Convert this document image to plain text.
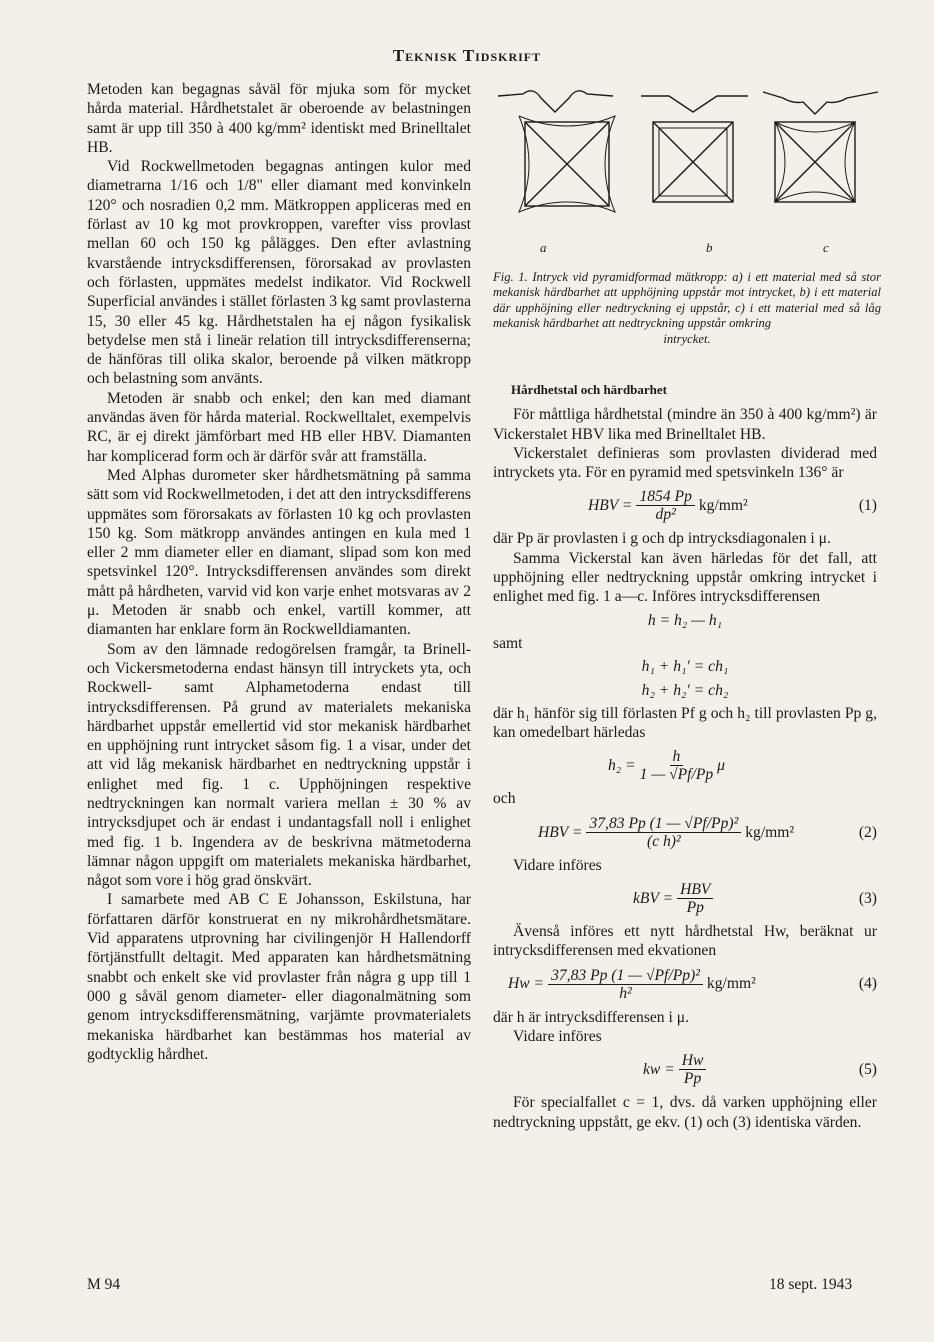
Teknisk Tidskrift

Metoden kan begagnas såväl för mjuka som för mycket hårda material. Hårdhetstalet är oberoende av belastningen samt är upp till 350 à 400 kg/mm² identiskt med Brinelltalet HB.

Vid Rockwellmetoden begagnas antingen kulor med diametrarna 1/16 och 1/8" eller diamant med konvinkeln 120° och nosradien 0,2 mm. Mätkroppen appliceras med en förlast av 10 kg mot provkroppen, varefter viss provlast mellan 60 och 150 kg pålägges. Den efter avlastning kvarstående intrycksdifferensen, förorsakad av provlasten och förlasten, uppmätes medelst indikator. Vid Rockwell Superficial användes i stället förlasten 3 kg samt provlasterna 15, 30 eller 45 kg. Hårdhetstalen ha ej någon fysikalisk betydelse men stå i lineär relation till intrycksdifferenserna; de hänföras till olika skalor, beroende på vilken mätkropp och belastning som använts.

Metoden är snabb och enkel; den kan med diamant användas även för hårda material. Rockwelltalet, exempelvis RC, är ej direkt jämförbart med HB eller HBV. Diamanten har komplicerad form och är därför svår att framställa.

Med Alphas durometer sker hårdhetsmätning på samma sätt som vid Rockwellmetoden, i det att den intrycksdifferens uppmätes som förorsakats av förlasten 10 kg och provlasten 150 kg. Som mätkropp användes antingen en kula med 1 eller 2 mm diameter eller en diamant, slipad som kon med spetsvinkel 120°. Intrycksdifferensen användes som direkt mått på hårdheten, varvid vid kon varje enhet motsvaras av 2 μ. Metoden är snabb och enkel, vartill kommer, att diamanten har enklare form än Rockwelldiamanten.

Som av den lämnade redogörelsen framgår, ta Brinell- och Vickersmetoderna endast hänsyn till intryckets yta, och Rockwell- samt Alphametoderna endast till intrycksdifferensen. På grund av materialets mekaniska härdbarhet uppstår emellertid vid stor mekanisk härdbarhet en upphöjning runt intrycket såsom fig. 1 a visar, under det att vid låg mekanisk härdbarhet en nedtryckning uppstår i enlighet med fig. 1 c. Upphöjningen respektive nedtryckningen kan normalt variera mellan ± 30 % av intrycksdjupet och är endast i undantagsfall noll i enlighet med fig. 1 b. Ingendera av de beskrivna mätmetoderna lämnar någon uppgift om materialets mekaniska härdbarhet, något som vore i hög grad önskvärt.

I samarbete med AB C E Johansson, Eskilstuna, har författaren därför konstruerat en ny mikrohårdhetsmätare. Vid apparatens utprovning har civilingenjör H Hallendorff förtjänstfullt deltagit. Med apparaten kan hårdhetsmätning snabbt och enkelt ske vid provlaster från några g upp till 1 000 g såväl genom diameter- eller diagonalmätning som genom intrycksdifferensmätning, varjämte provmaterialets mekaniska härdbarhet kan bestämmas hos material av godtycklig hårdhet.

a	b	c
Fig. 1. Intryck vid pyramidformad mätkropp: a) i ett material med så stor mekanisk härdbarhet att upphöjning uppstår mot intrycket, b) i ett material där upphöjning eller nedtryckning ej uppstår, c) i ett material med så låg mekanisk härdbarhet att nedtryckning uppstår omkring
intrycket.

Hårdhetstal och härdbarhet

För måttliga hårdhetstal (mindre än 350 à 400 kg/mm²) är Vickerstalet HBV lika med Brinelltalet HB.

Vickerstalet definieras som provlasten dividerad med intryckets yta. För en pyramid med spetsvinkeln 136° är

HBV = $\frac{1854 Pp}{\text{dp²}} kg/mm^2$	(1)

där Pp är provlasten i g och dp intrycksdiagonalen i μ.

Samma Vickerstal kan även härledas för det fall, att upphöjning eller nedtryckning uppstår omkring intrycket i enlighet med fig. 1 a—c. Införes intrycksdifferensen

h = h₂ — h₁
samt
h₁ + h₁′ = ch₁
h₂ + h₂′ = ch₂

där h₁ hänför sig till förlasten Pf g och h₂ till provlasten Pp g, kan omedelbart härledas

$h_2 = \frac{h}{1 — √Pf/Pp}$ μ
och
HBV = $\frac{\text{37,83 Pp (1 — √Pf/Pp)²}}{\text{(c h)²}} kg/mm^2$	(2)

Vidare införes

kBV = $\frac{\text{HBV}}{Pp}$	(3)

Ävenså införes ett nytt hårdhetstal Hw, beräknat ur intrycksdifferensen med ekvationen

$Hw = \frac{\text{37,83 Pp (1 — √Pf/Pp)²}}{\text{h²}} kg/mm^2$	(4)

där h är intrycksdifferensen i μ.

Vidare införes

kw = $\frac{Hw}{Pp}$	(5)

För specialfallet c = 1, dvs. då varken upphöjning eller nedtryckning uppstått, ge ekv. (1) och (3) identiska värden.

M 94	18 sept. 1943
